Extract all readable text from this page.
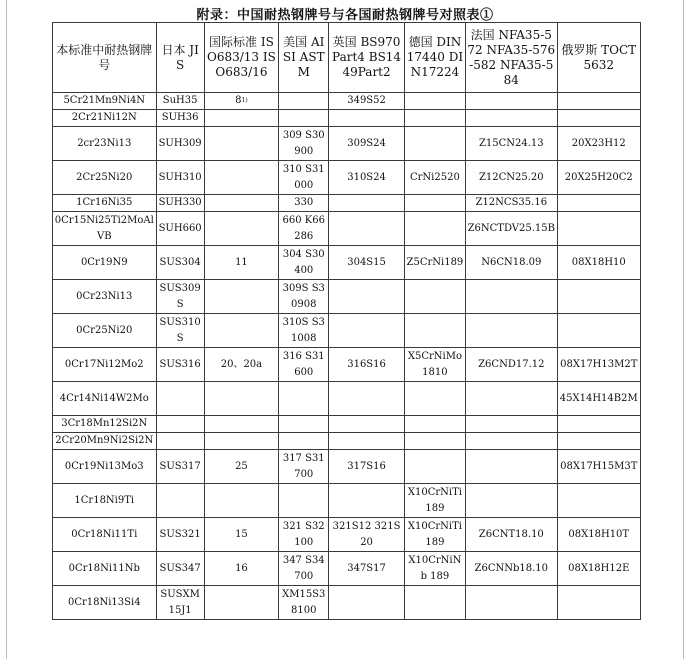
附录：中国耐热钢牌号与各国耐热钢牌号对照表①
本标准中耐热钢牌号	日本 JIS	国际标准 ISO683/13 ISO683/16	美国 AISI ASTM	英国 BS970Part4 BS1449Part2	德国 DIN17440 DIN17224	法国 NFA35-572 NFA35-576-582 NFA35-584	俄罗斯 TOCT 5632
5Cr21Mn9Ni4N	SuH35	8$^{1)}$		349S52			
2Cr21Ni12N	SUH36						
2cr23Ni13	SUH309		309 S30900	309S24		Z15CN24.13	20X23H12
2Cr25Ni20	SUH310		310 S31000	310S24	CrNi2520	Z12CN25.20	20X25H20C2
1Cr16Ni35	SUH330		330			Z12NCS35.16	
0Cr15Ni25Ti2MoAlVB	SUH660		660 K66286			Z6NCTDV25.15B	
0Cr19N9	SUS304	11	304 S30400	304S15	Z5CrNi189	N6CN18.09	08X18H10
0Cr23Ni13	SUS309S		309S S30908				
0Cr25Ni20	SUS310S		310S S31008				
0Cr17Ni12Mo2	SUS316	20、20a	316 S31600	316S16	X5CrNiMo 1810	Z6CND17.12	08X17H13M2T
4Cr14Ni14W2Mo							45X14H14B2M
3Cr18Mn12Si2N							
2Cr20Mn9Ni2Si2N							
0Cr19Ni13Mo3	SUS317	25	317 S31700	317S16			08X17H15M3T
1Cr18Ni9Ti					X10CrNiTi 189		
0Cr18Ni11Ti	SUS321	15	321 S32100	321S12 321S20	X10CrNiTi 189	Z6CNT18.10	08X18H10T
0Cr18Ni11Nb	SUS347	16	347 S34700	347S17	X10CrNiNb 189	Z6CNNb18.10	08X18H12E
0Cr18Ni13Si4	SUSXM15J1		XM15S3 8100				
